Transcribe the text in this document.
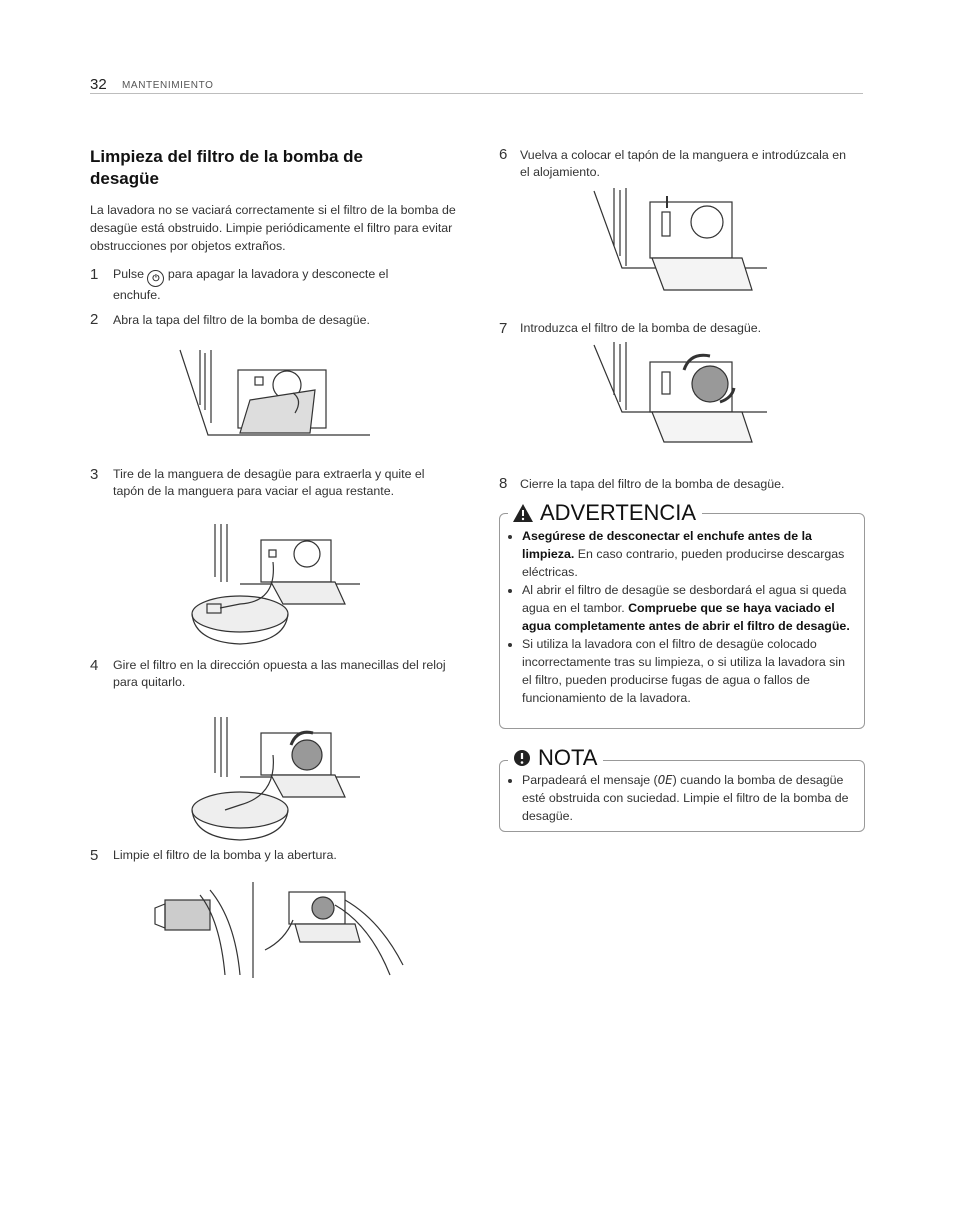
32 MANTENIMIENTO
Limpieza del filtro de la bomba de desagüe
La lavadora no se vaciará correctamente si el filtro de la bomba de desagüe está obstruido. Limpie periódicamente el filtro para evitar obstrucciones por objetos extraños.
1 Pulse ⏻ para apagar la lavadora y desconecte el enchufe.
2 Abra la tapa del filtro de la bomba de desagüe.
3 Tire de la manguera de desagüe para extraerla y quite el tapón de la manguera para vaciar el agua restante.
4 Gire el filtro en la dirección opuesta a las manecillas del reloj para quitarlo.
5 Limpie el filtro de la bomba y la abertura.
6 Vuelva a colocar el tapón de la manguera e introdúzcala en el alojamiento.
7 Introduzca el filtro de la bomba de desagüe.
8 Cierre la tapa del filtro de la bomba de desagüe.
ADVERTENCIA
• Asegúrese de desconectar el enchufe antes de la limpieza. En caso contrario, pueden producirse descargas eléctricas.
• Al abrir el filtro de desagüe se desbordará el agua si queda agua en el tambor. Compruebe que se haya vaciado el agua completamente antes de abrir el filtro de desagüe.
• Si utiliza la lavadora con el filtro de desagüe colocado incorrectamente tras su limpieza, o si utiliza la lavadora sin el filtro, pueden producirse fugas de agua o fallos de funcionamiento de la lavadora.
NOTA
• Parpadeará el mensaje (OE) cuando la bomba de desagüe esté obstruida con suciedad. Limpie el filtro de la bomba de desagüe.
